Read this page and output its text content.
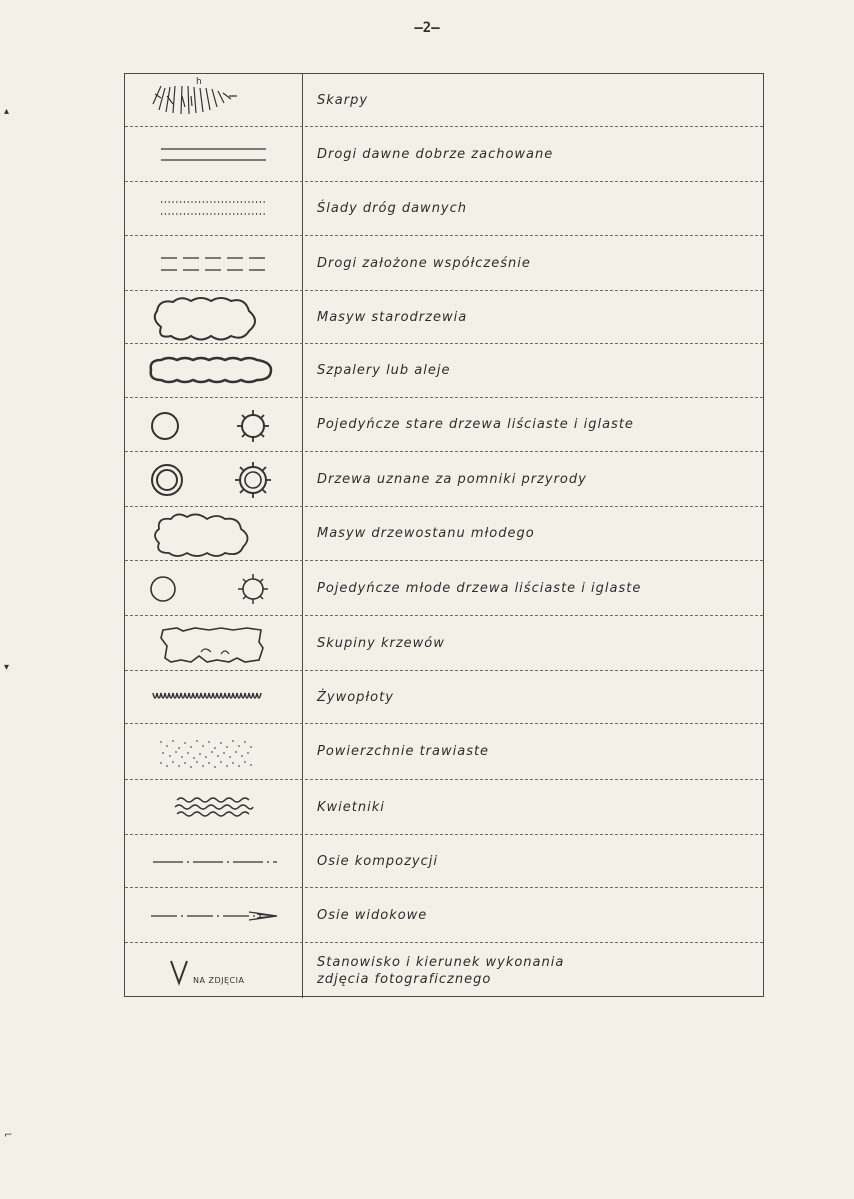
—2—
▴
▾
⌐
h
Skarpy
Drogi dawne dobrze zachowane
Ślady dróg dawnych
Drogi założone współcześnie
Masyw starodrzewia
Szpalery lub aleje
Pojedyńcze stare drzewa liściaste i iglaste
Drzewa uznane za pomniki przyrody
Masyw drzewostanu młodego
Pojedyńcze młode drzewa liściaste i iglaste
Skupiny krzewów
Żywopłoty
Powierzchnie trawiaste
Kwietniki
Osie kompozycji
Osie widokowe
NA ZDJĘCIA
Stanowisko i kierunek wykonania
zdjęcia fotograficznego
